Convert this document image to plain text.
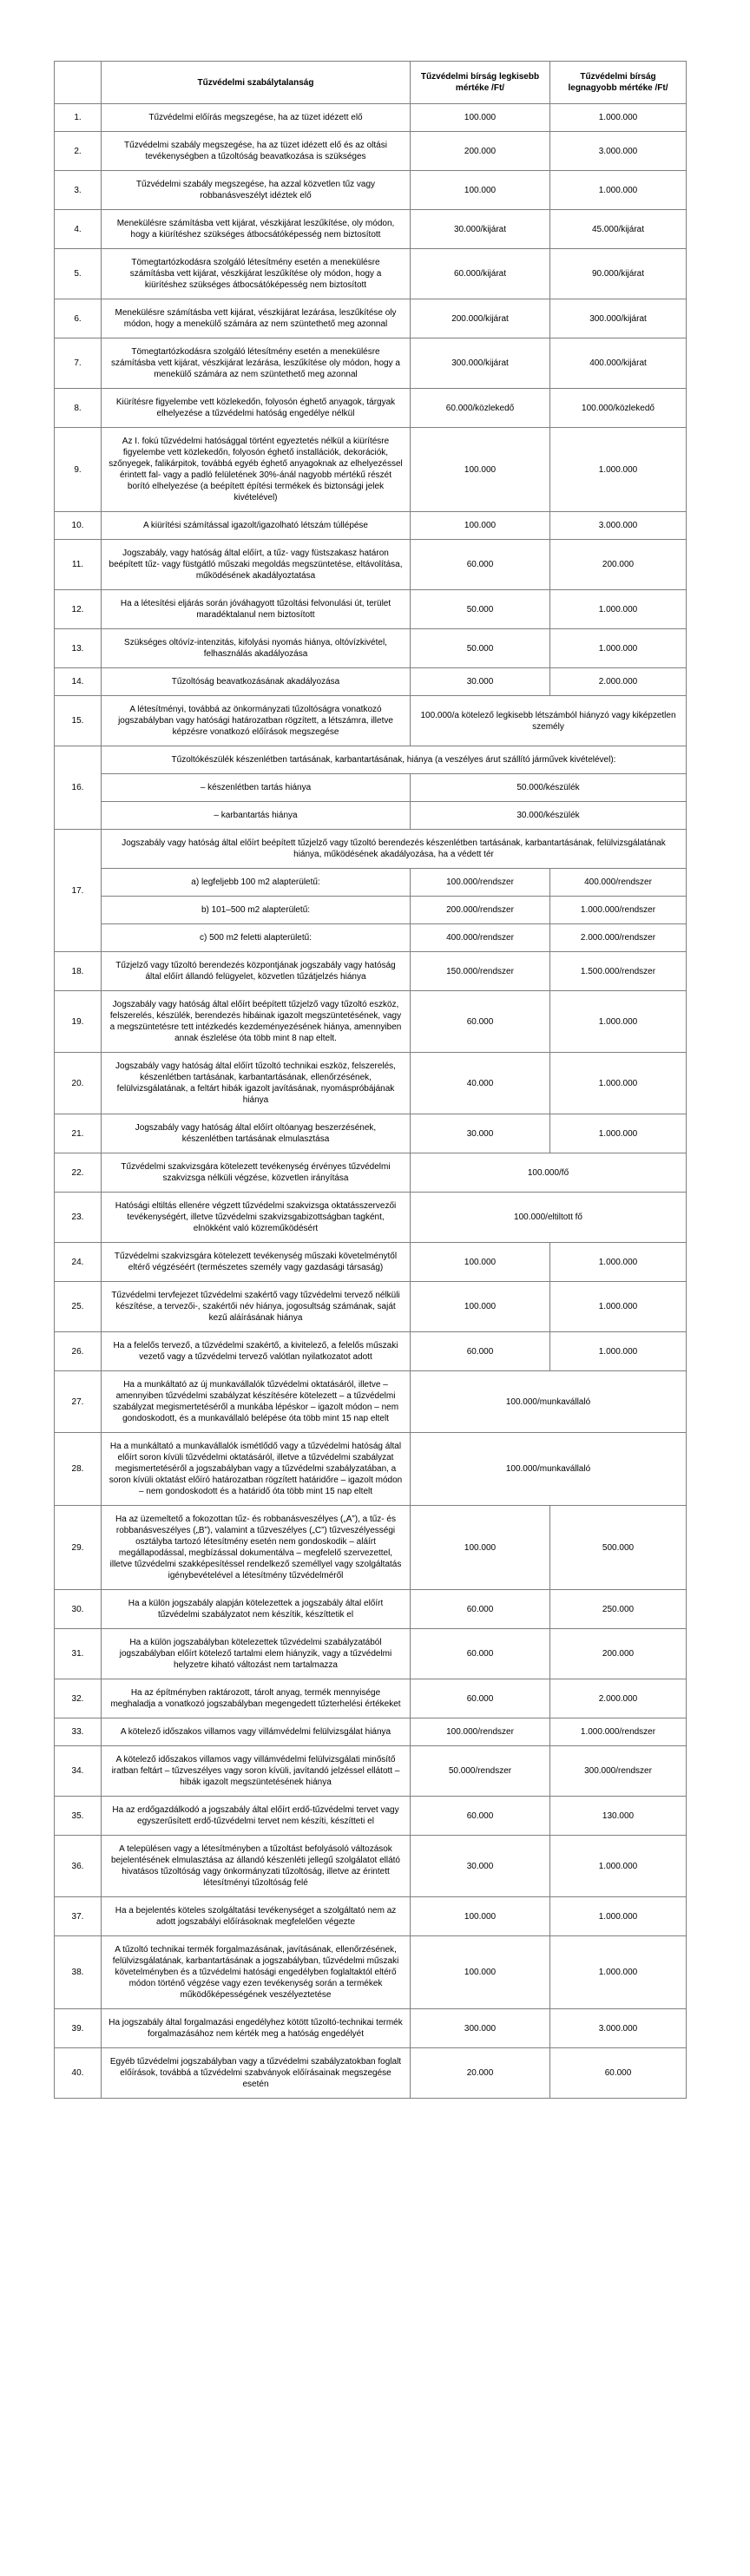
	Tűzvédelmi szabálytalanság	Tűzvédelmi bírság legkisebb mértéke /Ft/	Tűzvédelmi bírság legnagyobb mértéke /Ft/
1.	Tűzvédelmi előírás megszegése, ha az tüzet idézett elő	100.000	1.000.000
2.	Tűzvédelmi szabály megszegése, ha az tüzet idézett elő és az oltási tevékenységben a tűzoltóság beavatkozása is szükséges	200.000	3.000.000
3.	Tűzvédelmi szabály megszegése, ha azzal közvetlen tűz vagy robbanásveszélyt idéztek elő	100.000	1.000.000
4.	Menekülésre számításba vett kijárat, vészkijárat leszűkítése, oly módon, hogy a kiürítéshez szükséges átbocsátóképesség nem biztosított	30.000/kijárat	45.000/kijárat
5.	Tömegtartózkodásra szolgáló létesítmény esetén a menekülésre számításba vett kijárat, vészkijárat leszűkítése oly módon, hogy a kiürítéshez szükséges átbocsátóképesség nem biztosított	60.000/kijárat	90.000/kijárat
6.	Menekülésre számításba vett kijárat, vészkijárat lezárása, leszűkítése oly módon, hogy a menekülő számára az nem szüntethető meg azonnal	200.000/kijárat	300.000/kijárat
7.	Tömegtartózkodásra szolgáló létesítmény esetén a menekülésre számításba vett kijárat, vészkijárat lezárása, leszűkítése oly módon, hogy a menekülő számára az nem szüntethető meg azonnal	300.000/kijárat	400.000/kijárat
8.	Kiürítésre figyelembe vett közlekedőn, folyosón éghető anyagok, tárgyak elhelyezése a tűzvédelmi hatóság engedélye nélkül	60.000/közlekedő	100.000/közlekedő
9.	Az I. fokú tűzvédelmi hatósággal történt egyeztetés nélkül a kiürítésre figyelembe vett közlekedőn, folyosón éghető installációk, dekorációk, szőnyegek, falikárpitok, továbbá egyéb éghető anyagoknak az elhelyezéssel érintett fal- vagy a padló felületének 30%-ánál nagyobb mértékű részét borító elhelyezése (a beépített építési termékek és biztonsági jelek kivételével)	100.000	1.000.000
10.	A kiürítési számítással igazolt/igazolható létszám túllépése	100.000	3.000.000
11.	Jogszabály, vagy hatóság által előírt, a tűz- vagy füstszakasz határon beépített tűz- vagy füstgátló műszaki megoldás megszüntetése, eltávolítása, működésének akadályoztatása	60.000	200.000
12.	Ha a létesítési eljárás során jóváhagyott tűzoltási felvonulási út, terület maradéktalanul nem biztosított	50.000	1.000.000
13.	Szükséges oltóvíz-intenzitás, kifolyási nyomás hiánya, oltóvízkivétel, felhasználás akadályozása	50.000	1.000.000
14.	Tűzoltóság beavatkozásának akadályozása	30.000	2.000.000
15.	A létesítményi, továbbá az önkormányzati tűzoltóságra vonatkozó jogszabályban vagy hatósági határozatban rögzített, a létszámra, illetve képzésre vonatkozó előírások megszegése	100.000/a kötelező legkisebb létszámból hiányzó vagy kiképzetlen személy	
16.	Tűzoltókészülék készenlétben tartásának, karbantartásának, hiánya (a veszélyes árut szállító járművek kivételével):		
	– készenlétben tartás hiánya	50.000/készülék	
	– karbantartás hiánya	30.000/készülék	
17.	Jogszabály vagy hatóság által előírt beépített tűzjelző vagy tűzoltó berendezés készenlétben tartásának, karbantartásának, felülvizsgálatának hiánya, működésének akadályozása, ha a védett tér		
	a) legfeljebb 100 m2 alapterületű:	100.000/rendszer	400.000/rendszer
	b) 101–500 m2 alapterületű:	200.000/rendszer	1.000.000/rendszer
	c) 500 m2 feletti alapterületű:	400.000/rendszer	2.000.000/rendszer
18.	Tűzjelző vagy tűzoltó berendezés központjának jogszabály vagy hatóság által előírt állandó felügyelet, közvetlen tűzátjelzés hiánya	150.000/rendszer	1.500.000/rendszer
19.	Jogszabály vagy hatóság által előírt beépített tűzjelző vagy tűzoltó eszköz, felszerelés, készülék, berendezés hibáinak igazolt megszüntetésének, vagy a megszüntetésre tett intézkedés kezdeményezésének hiánya, amennyiben annak észlelése óta több mint 8 nap eltelt.	60.000	1.000.000
20.	Jogszabály vagy hatóság által előírt tűzoltó technikai eszköz, felszerelés, készenlétben tartásának, karbantartásának, ellenőrzésének, felülvizsgálatának, a feltárt hibák igazolt javításának, nyomáspróbájának hiánya	40.000	1.000.000
21.	Jogszabály vagy hatóság által előírt oltóanyag beszerzésének, készenlétben tartásának elmulasztása	30.000	1.000.000
22.	Tűzvédelmi szakvizsgára kötelezett tevékenység érvényes tűzvédelmi szakvizsga nélküli végzése, közvetlen irányítása	100.000/fő	
23.	Hatósági eltiltás ellenére végzett tűzvédelmi szakvizsga oktatásszervezői tevékenységért, illetve tűzvédelmi szakvizsgabizottságban tagként, elnökként való közreműködésért	100.000/eltiltott fő	
24.	Tűzvédelmi szakvizsgára kötelezett tevékenység műszaki követelménytől eltérő végzéséért (természetes személy vagy gazdasági társaság)	100.000	1.000.000
25.	Tűzvédelmi tervfejezet tűzvédelmi szakértő vagy tűzvédelmi tervező nélküli készítése, a tervezői-, szakértői név hiánya, jogosultság számának, saját kezű aláírásának hiánya	100.000	1.000.000
26.	Ha a felelős tervező, a tűzvédelmi szakértő, a kivitelező, a felelős műszaki vezető vagy a tűzvédelmi tervező valótlan nyilatkozatot adott	60.000	1.000.000
27.	Ha a munkáltató az új munkavállalók tűzvédelmi oktatásáról, illetve – amennyiben tűzvédelmi szabályzat készítésére kötelezett – a tűzvédelmi szabályzat megismertetéséről a munkába lépéskor – igazolt módon – nem gondoskodott, és a munkavállaló belépése óta több mint 15 nap eltelt	100.000/munkavállaló	
28.	Ha a munkáltató a munkavállalók ismétlődő vagy a tűzvédelmi hatóság által előírt soron kívüli tűzvédelmi oktatásáról, illetve a tűzvédelmi szabályzat megismertetéséről a jogszabályban vagy a tűzvédelmi szabályzatában, a soron kívüli oktatást előíró határozatban rögzített határidőre – igazolt módon – nem gondoskodott és a határidő óta több mint 15 nap eltelt	100.000/munkavállaló	
29.	Ha az üzemeltető a fokozottan tűz- és robbanásveszélyes („A”), a tűz- és robbanásveszélyes („B”), valamint a tűzveszélyes („C”) tűzveszélyességi osztályba tartozó létesítmény esetén nem gondoskodik – aláírt megállapodással, megbízással dokumentálva – megfelelő szervezettel, illetve tűzvédelmi szakképesítéssel rendelkező személlyel vagy szolgáltatás igénybevételével a létesítmény tűzvédelméről	100.000	500.000
30.	Ha a külön jogszabály alapján kötelezettek a jogszabály által előírt tűzvédelmi szabályzatot nem készítik, készíttetik el	60.000	250.000
31.	Ha a külön jogszabályban kötelezettek tűzvédelmi szabályzatából jogszabályban előírt kötelező tartalmi elem hiányzik, vagy a tűzvédelmi helyzetre kiható változást nem tartalmazza	60.000	200.000
32.	Ha az építményben raktározott, tárolt anyag, termék mennyisége meghaladja a vonatkozó jogszabályban megengedett tűzterhelési értékeket	60.000	2.000.000
33.	A kötelező időszakos villamos vagy villámvédelmi felülvizsgálat hiánya	100.000/rendszer	1.000.000/rendszer
34.	A kötelező időszakos villamos vagy villámvédelmi felülvizsgálati minősítő iratban feltárt – tűzveszélyes vagy soron kívüli, javítandó jelzéssel ellátott – hibák igazolt megszüntetésének hiánya	50.000/rendszer	300.000/rendszer
35.	Ha az erdőgazdálkodó a jogszabály által előírt erdő-tűzvédelmi tervet vagy egyszerűsített erdő-tűzvédelmi tervet nem készíti, készítteti el	60.000	130.000
36.	A településen vagy a létesítményben a tűzoltást befolyásoló változások bejelentésének elmulasztása az állandó készenléti jellegű szolgálatot ellátó hivatásos tűzoltóság vagy önkormányzati tűzoltóság, illetve az érintett létesítményi tűzoltóság felé	30.000	1.000.000
37.	Ha a bejelentés köteles szolgáltatási tevékenységet a szolgáltató nem az adott jogszabályi előírásoknak megfelelően végezte	100.000	1.000.000
38.	A tűzoltó technikai termék forgalmazásának, javításának, ellenőrzésének, felülvizsgálatának, karbantartásának a jogszabályban, tűzvédelmi műszaki követelményben és a tűzvédelmi hatósági engedélyben foglaltaktól eltérő módon történő végzése vagy ezen tevékenység során a termékek működőképességének veszélyeztetése	100.000	1.000.000
39.	Ha jogszabály által forgalmazási engedélyhez kötött tűzoltó-technikai termék forgalmazásához nem kérték meg a hatóság engedélyét	300.000	3.000.000
40.	Egyéb tűzvédelmi jogszabályban vagy a tűzvédelmi szabályzatokban foglalt előírások, továbbá a tűzvédelmi szabványok előírásainak megszegése esetén	20.000	60.000
